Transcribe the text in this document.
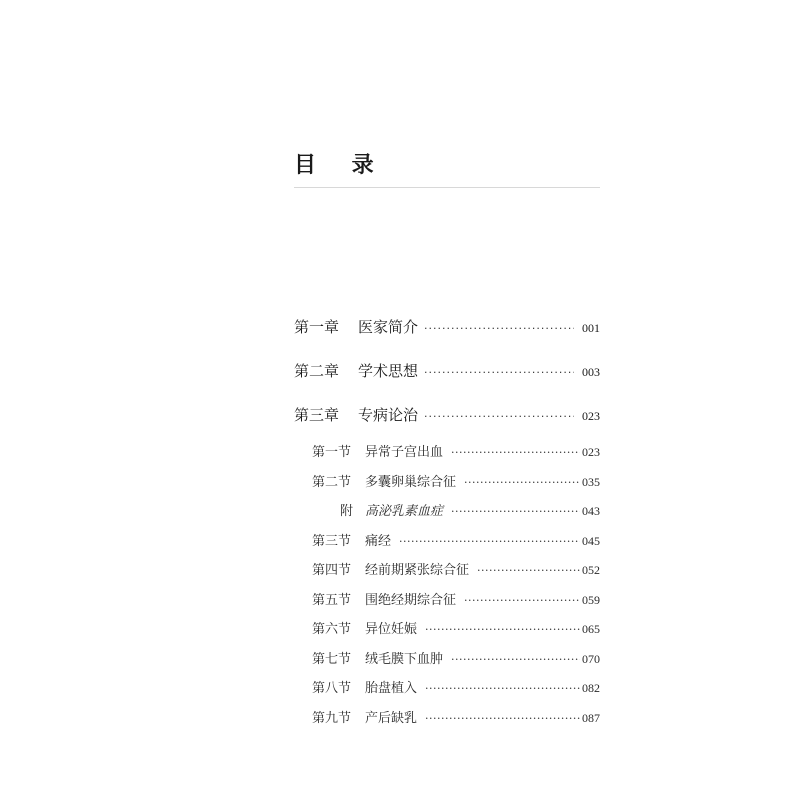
目 录
第一章	医家简介 ·····	001
第二章	学术思想 ·····	003
第三章	专病论治 ·····	023
第一节	异常子宫出血 ·····	023
第二节	多囊卵巢综合征 ·····	035
附 高泌乳素血症 ·····	043
第三节	痛经 ·····	045
第四节	经前期紧张综合征 ·····	052
第五节	围绝经期综合征 ·····	059
第六节	异位妊娠 ·····	065
第七节	绒毛膜下血肿 ·····	070
第八节	胎盘植入 ·····	082
第九节	产后缺乳 ·····	087
